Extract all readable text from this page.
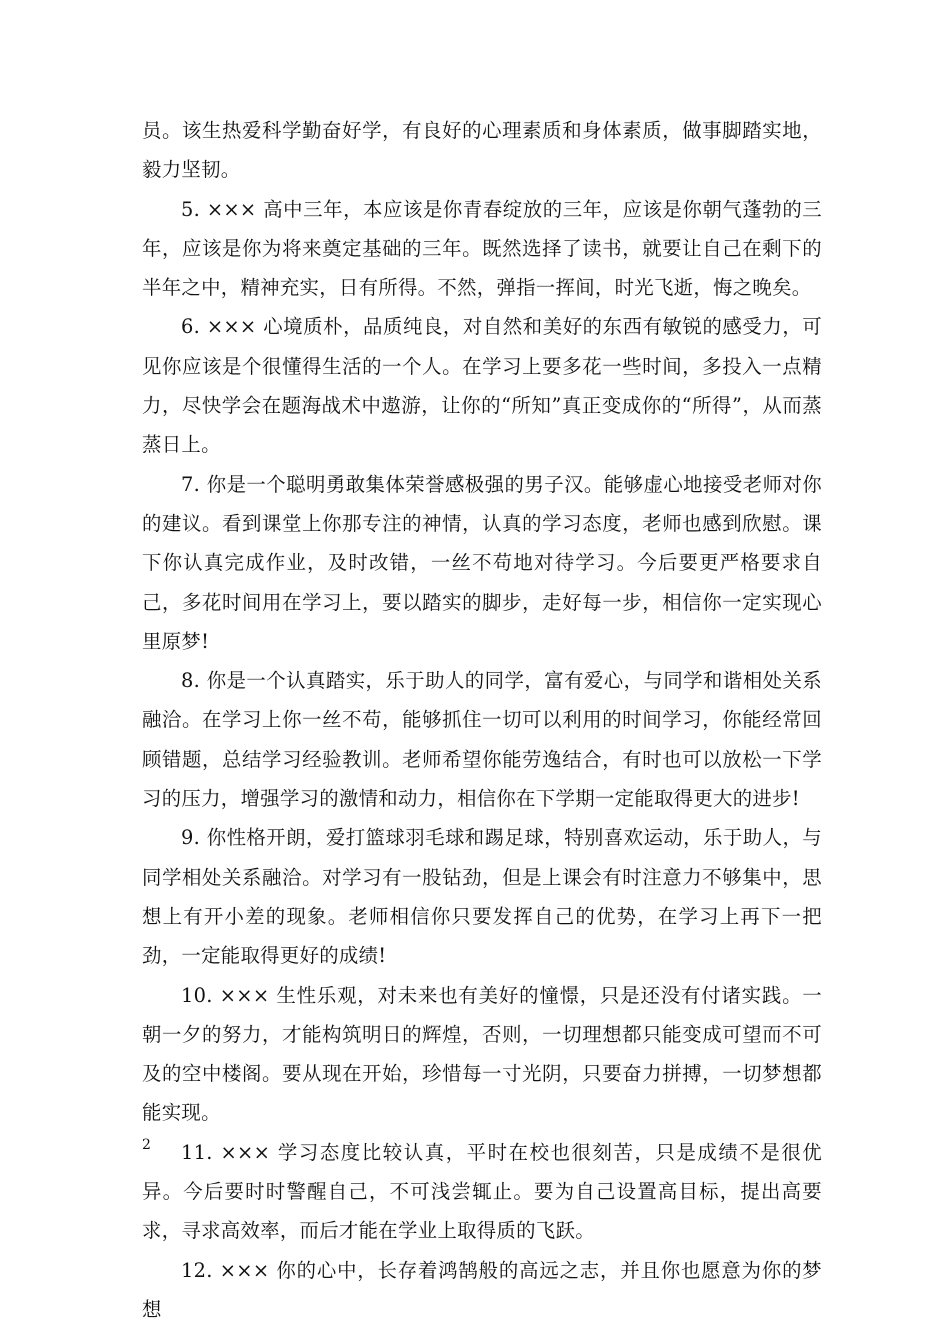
员。该生热爱科学勤奋好学，有良好的心理素质和身体素质，做事脚踏实地，毅力坚韧。

5. ××× 高中三年，本应该是你青春绽放的三年，应该是你朝气蓬勃的三年，应该是你为将来奠定基础的三年。既然选择了读书，就要让自己在剩下的半年之中，精神充实，日有所得。不然，弹指一挥间，时光飞逝，悔之晚矣。

6. ××× 心境质朴，品质纯良，对自然和美好的东西有敏锐的感受力，可见你应该是个很懂得生活的一个人。在学习上要多花一些时间，多投入一点精力，尽快学会在题海战术中遨游，让你的“所知”真正变成你的“所得”，从而蒸蒸日上。

7. 你是一个聪明勇敢集体荣誉感极强的男子汉。能够虚心地接受老师对你的建议。看到课堂上你那专注的神情，认真的学习态度，老师也感到欣慰。课下你认真完成作业，及时改错，一丝不苟地对待学习。今后要更严格要求自己，多花时间用在学习上，要以踏实的脚步，走好每一步，相信你一定实现心里原梦!

8. 你是一个认真踏实，乐于助人的同学，富有爱心，与同学和谐相处关系融洽。在学习上你一丝不苟，能够抓住一切可以利用的时间学习，你能经常回顾错题，总结学习经验教训。老师希望你能劳逸结合，有时也可以放松一下学习的压力，增强学习的激情和动力，相信你在下学期一定能取得更大的进步!

9. 你性格开朗，爱打篮球羽毛球和踢足球，特别喜欢运动，乐于助人，与同学相处关系融洽。对学习有一股钻劲，但是上课会有时注意力不够集中，思想上有开小差的现象。老师相信你只要发挥自己的优势，在学习上再下一把劲，一定能取得更好的成绩!

10. ××× 生性乐观，对未来也有美好的憧憬，只是还没有付诸实践。一朝一夕的努力，才能构筑明日的辉煌，否则，一切理想都只能变成可望而不可及的空中楼阁。要从现在开始，珍惜每一寸光阴，只要奋力拼搏，一切梦想都能实现。

11. ××× 学习态度比较认真，平时在校也很刻苦，只是成绩不是很优异。今后要时时警醒自己，不可浅尝辄止。要为自己设置高目标，提出高要求，寻求高效率，而后才能在学业上取得质的飞跃。

12. ××× 你的心中，长存着鸿鹄般的高远之志，并且你也愿意为你的梦想

2
